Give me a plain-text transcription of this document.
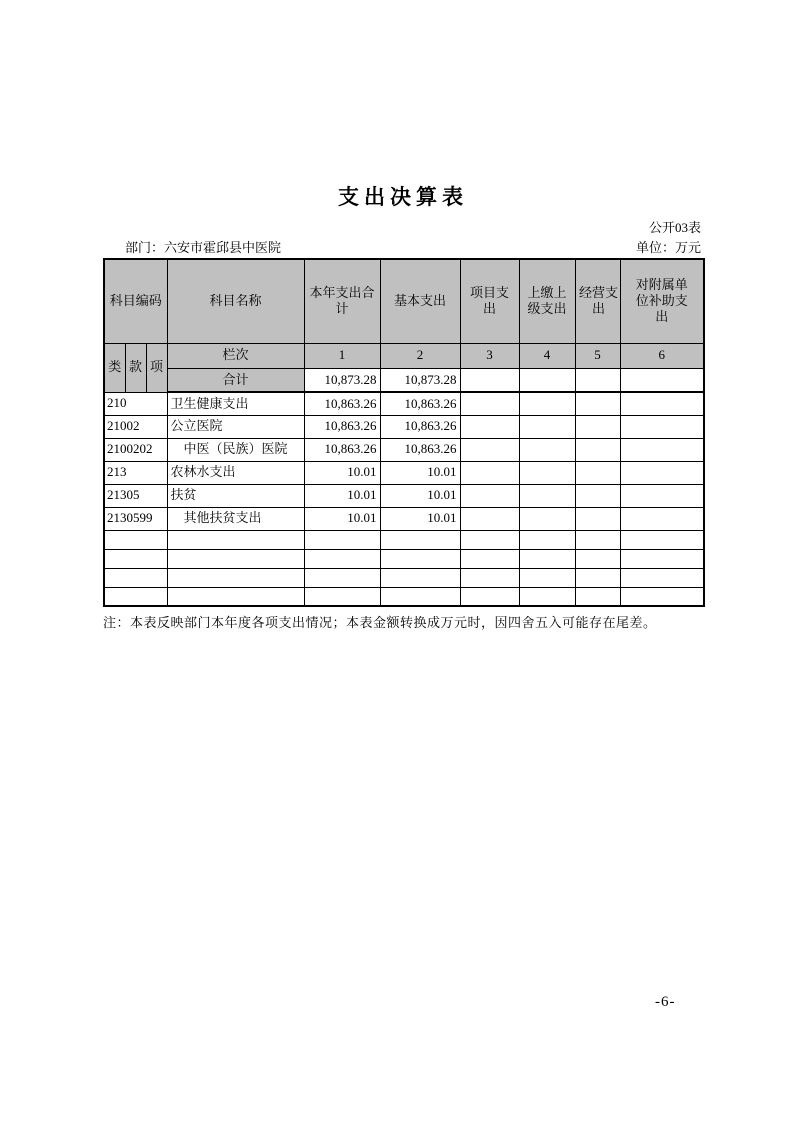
支出决算表
公开03表
部门：六安市霍邱县中医院	单位：万元
科目编码			科目名称	本年支出合计	基本支出	项目支出	上缴上级支出	经营支出	对附属单位补助支出
类	款	项	栏次	1	2	3	4	5	6
			合计	10,873.28	10,873.28				
210			卫生健康支出	10,863.26	10,863.26				
21002			公立医院	10,863.26	10,863.26				
2100202			　中医（民族）医院	10,863.26	10,863.26				
213			农林水支出	10.01	10.01				
21305			扶贫	10.01	10.01				
2130599			　其他扶贫支出	10.01	10.01				

注：本表反映部门本年度各项支出情况；本表金额转换成万元时，因四舍五入可能存在尾差。
-6-
